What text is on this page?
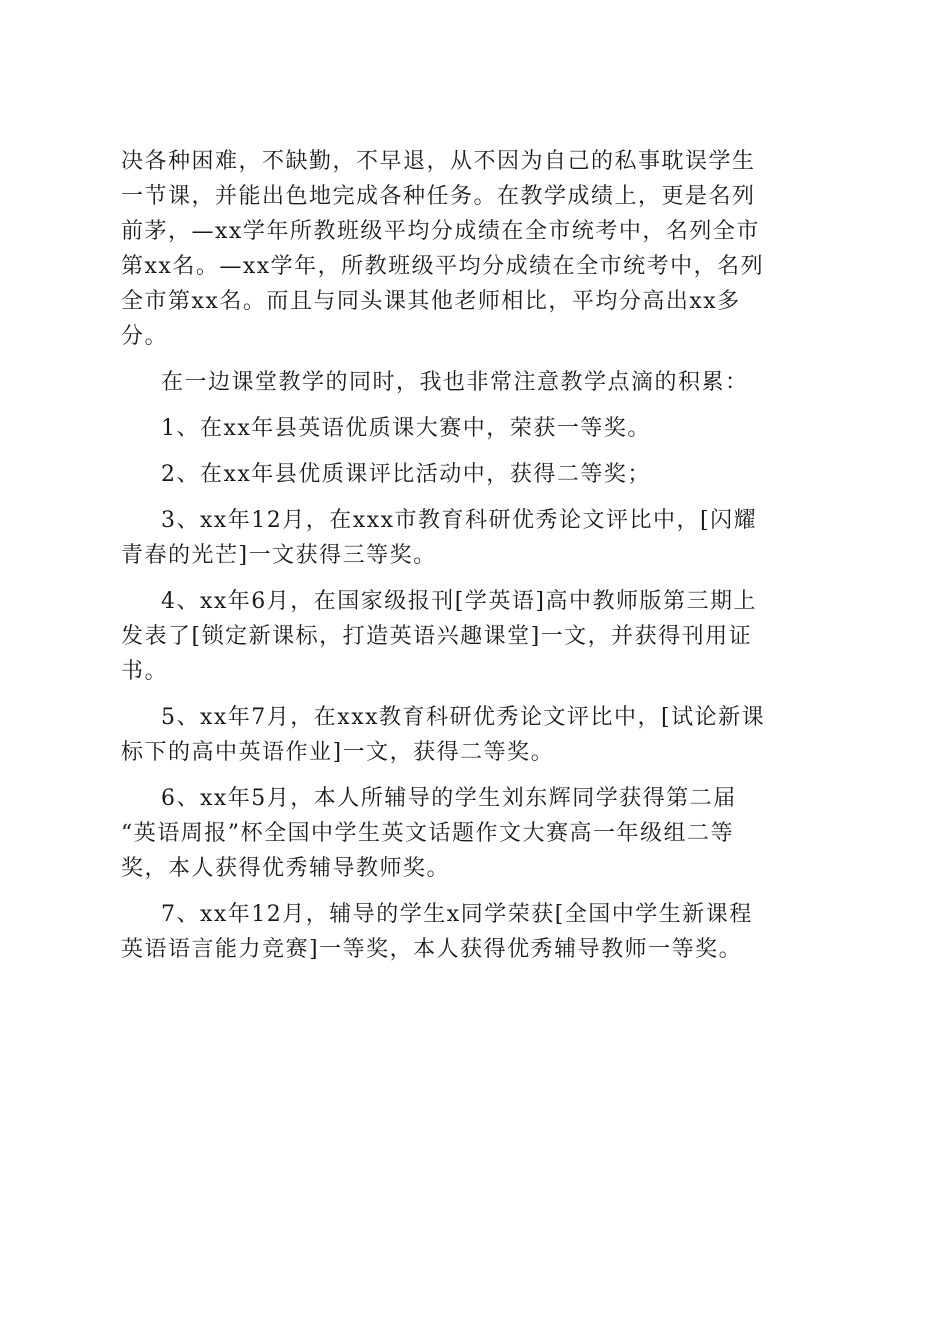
决各种困难，不缺勤，不早退，从不因为自己的私事耽误学生
一节课，并能出色地完成各种任务。在教学成绩上，更是名列
前茅，—xx学年所教班级平均分成绩在全市统考中，名列全市
第xx名。—xx学年，所教班级平均分成绩在全市统考中，名列
全市第xx名。而且与同头课其他老师相比，平均分高出xx多
分。
在一边课堂教学的同时，我也非常注意教学点滴的积累：
1、在xx年县英语优质课大赛中，荣获一等奖。
2、在xx年县优质课评比活动中，获得二等奖；
3、xx年12月，在xxx市教育科研优秀论文评比中，[闪耀
青春的光芒]一文获得三等奖。
4、xx年6月，在国家级报刊[学英语]高中教师版第三期上
发表了[锁定新课标，打造英语兴趣课堂]一文，并获得刊用证
书。
5、xx年7月，在xxx教育科研优秀论文评比中，[试论新课
标下的高中英语作业]一文，获得二等奖。
6、xx年5月，本人所辅导的学生刘东辉同学获得第二届
“英语周报”杯全国中学生英文话题作文大赛高一年级组二等
奖，本人获得优秀辅导教师奖。
7、xx年12月，辅导的学生x同学荣获[全国中学生新课程
英语语言能力竞赛]一等奖，本人获得优秀辅导教师一等奖。
